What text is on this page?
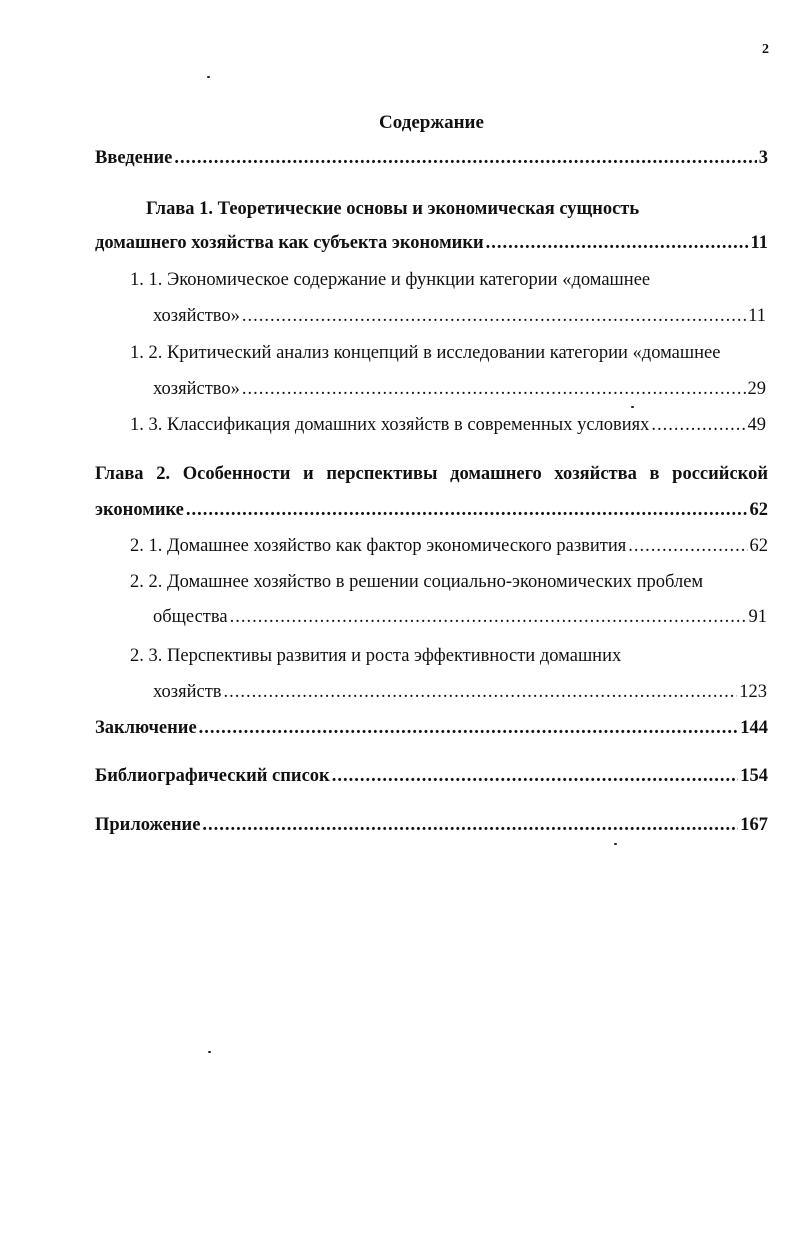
2
Содержание
Введение .....	3
Глава 1. Теоретические основы и экономическая сущность
домашнего хозяйства как субъекта экономики .....	11
1. 1. Экономическое содержание и функции категории «домашнее
хозяйство» .....	11
1. 2. Критический анализ концепций в исследовании категории «домашнее
хозяйство» .....	29
1. 3. Классификация домашних хозяйств в современных условиях .....	49
Глава 2. Особенности и перспективы домашнего хозяйства в российской
экономике .....	62
2. 1. Домашнее хозяйство как фактор экономического развития .....	62
2. 2. Домашнее хозяйство в решении социально-экономических проблем
общества .....	91
2. 3. Перспективы развития и роста эффективности домашних
хозяйств .....	123
Заключение .....	144
Библиографический список .....	154
Приложение .....	167
